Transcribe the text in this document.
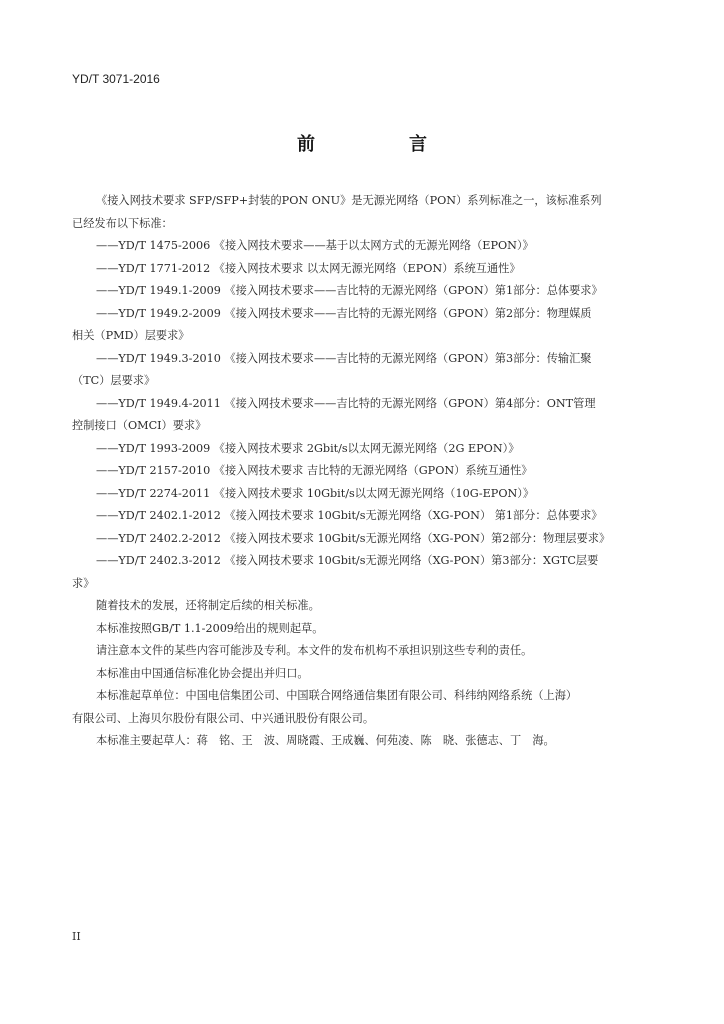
YD/T 3071-2016
前　言

《接入网技术要求 SFP/SFP+封装的PON ONU》是无源光网络（PON）系列标准之一，该标准系列

已经发布以下标准：

——YD/T 1475-2006 《接入网技术要求——基于以太网方式的无源光网络（EPON）》

——YD/T 1771-2012 《接入网技术要求 以太网无源光网络（EPON）系统互通性》

——YD/T 1949.1-2009 《接入网技术要求——吉比特的无源光网络（GPON）第1部分：总体要求》

——YD/T 1949.2-2009 《接入网技术要求——吉比特的无源光网络（GPON）第2部分：物理媒质

相关（PMD）层要求》

——YD/T 1949.3-2010 《接入网技术要求——吉比特的无源光网络（GPON）第3部分：传输汇聚

（TC）层要求》

——YD/T 1949.4-2011 《接入网技术要求——吉比特的无源光网络（GPON）第4部分：ONT管理

控制接口（OMCI）要求》

——YD/T 1993-2009 《接入网技术要求 2Gbit/s以太网无源光网络（2G EPON）》

——YD/T 2157-2010 《接入网技术要求 吉比特的无源光网络（GPON）系统互通性》

——YD/T 2274-2011 《接入网技术要求 10Gbit/s以太网无源光网络（10G-EPON）》

——YD/T 2402.1-2012 《接入网技术要求 10Gbit/s无源光网络（XG-PON） 第1部分：总体要求》

——YD/T 2402.2-2012 《接入网技术要求 10Gbit/s无源光网络（XG-PON）第2部分：物理层要求》

——YD/T 2402.3-2012 《接入网技术要求 10Gbit/s无源光网络（XG-PON）第3部分：XGTC层要

求》

随着技术的发展，还将制定后续的相关标准。

本标准按照GB/T 1.1-2009给出的规则起草。

请注意本文件的某些内容可能涉及专利。本文件的发布机构不承担识别这些专利的责任。

本标准由中国通信标准化协会提出并归口。

本标准起草单位：中国电信集团公司、中国联合网络通信集团有限公司、科纬纳网络系统（上海）

有限公司、上海贝尔股份有限公司、中兴通讯股份有限公司。

本标准主要起草人：蒋　铭、王　波、周晓霞、王成巍、何苑凌、陈　晓、张德志、丁　海。

II
